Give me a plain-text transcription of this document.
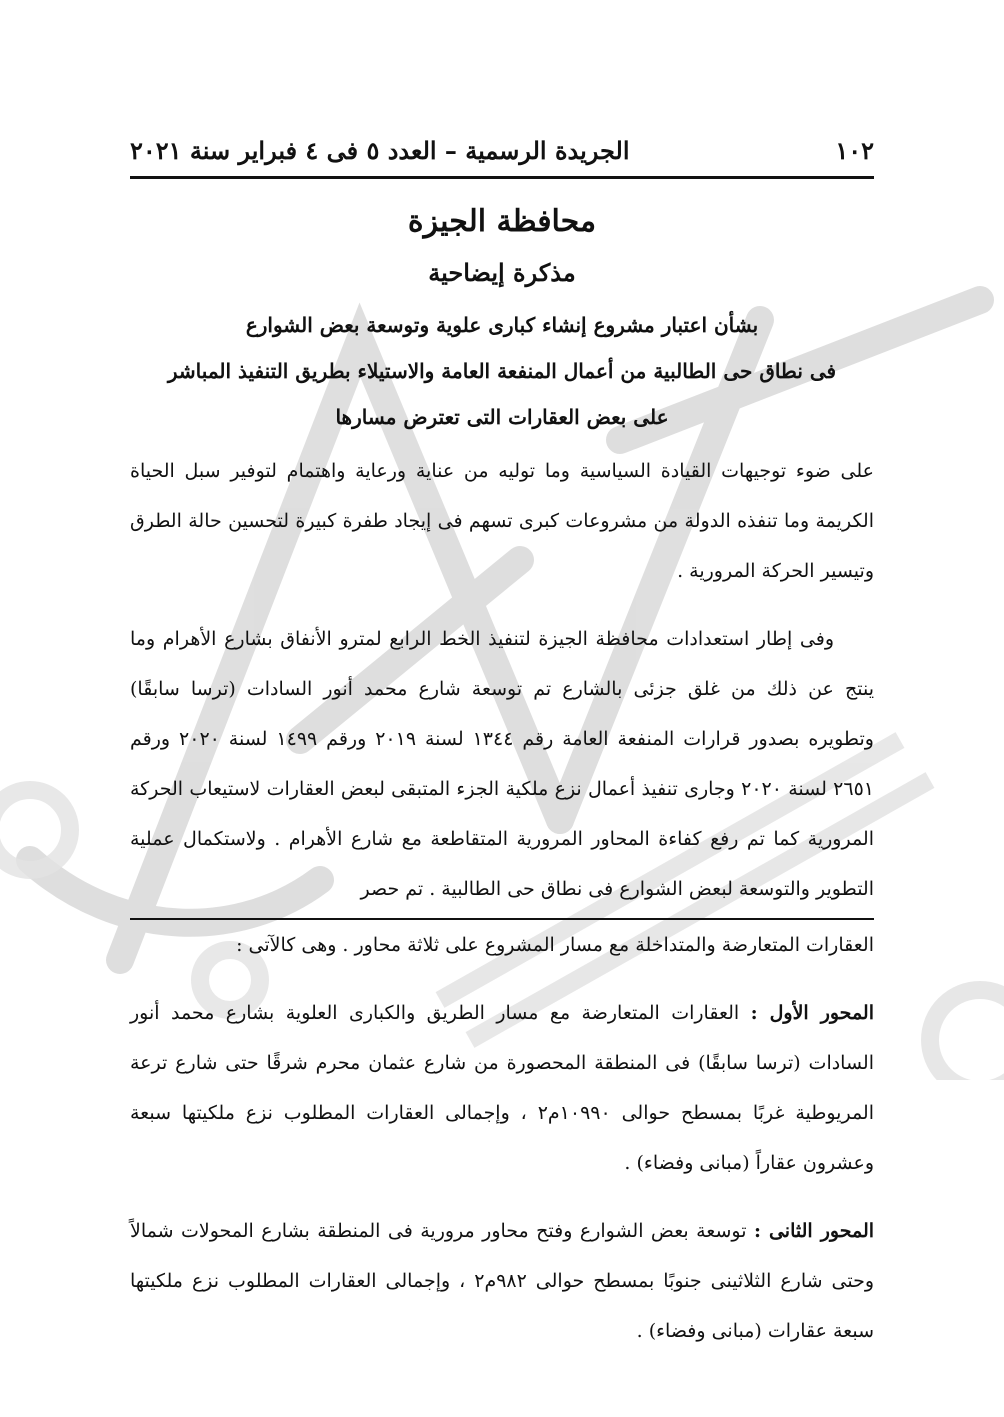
١٠٢
الجريدة الرسمية – العدد ٥ فى ٤ فبراير سنة ٢٠٢١
محافظة الجيزة
مذكرة إيضاحية
بشأن اعتبار مشروع إنشاء كبارى علوية وتوسعة بعض الشوارع
فى نطاق حى الطالبية من أعمال المنفعة العامة والاستيلاء بطريق التنفيذ المباشر
على بعض العقارات التى تعترض مسارها

على ضوء توجيهات القيادة السياسية وما توليه من عناية ورعاية واهتمام لتوفير سبل الحياة الكريمة وما تنفذه الدولة من مشروعات كبرى تسهم فى إيجاد طفرة كبيرة لتحسين حالة الطرق وتيسير الحركة المرورية .

وفى إطار استعدادات محافظة الجيزة لتنفيذ الخط الرابع لمترو الأنفاق بشارع الأهرام وما ينتج عن ذلك من غلق جزئى بالشارع تم توسعة شارع محمد أنور السادات (ترسا سابقًا) وتطويره بصدور قرارات المنفعة العامة رقم ١٣٤٤ لسنة ٢٠١٩ ورقم ١٤٩٩ لسنة ٢٠٢٠ ورقم ٢٦٥١ لسنة ٢٠٢٠ وجارى تنفيذ أعمال نزع ملكية الجزء المتبقى لبعض العقارات لاستيعاب الحركة المرورية كما تم رفع كفاءة المحاور المرورية المتقاطعة مع شارع الأهرام . ولاستكمال عملية التطوير والتوسعة لبعض الشوارع فى نطاق حى الطالبية . تم حصر

العقارات المتعارضة والمتداخلة مع مسار المشروع على ثلاثة محاور . وهى كالآتى :

المحور الأول : العقارات المتعارضة مع مسار الطريق والكبارى العلوية بشارع محمد أنور السادات (ترسا سابقًا) فى المنطقة المحصورة من شارع عثمان محرم شرقًا حتى شارع ترعة المريوطية غربًا بمسطح حوالى ١٠٩٩٠م٢ ، وإجمالى العقارات المطلوب نزع ملكيتها سبعة وعشرون عقاراً (مبانى وفضاء) .

المحور الثانى : توسعة بعض الشوارع وفتح محاور مرورية فى المنطقة بشارع المحولات شمالاً وحتى شارع الثلاثينى جنوبًا بمسطح حوالى ٩٨٢م٢ ، وإجمالى العقارات المطلوب نزع ملكيتها سبعة عقارات (مبانى وفضاء) .
